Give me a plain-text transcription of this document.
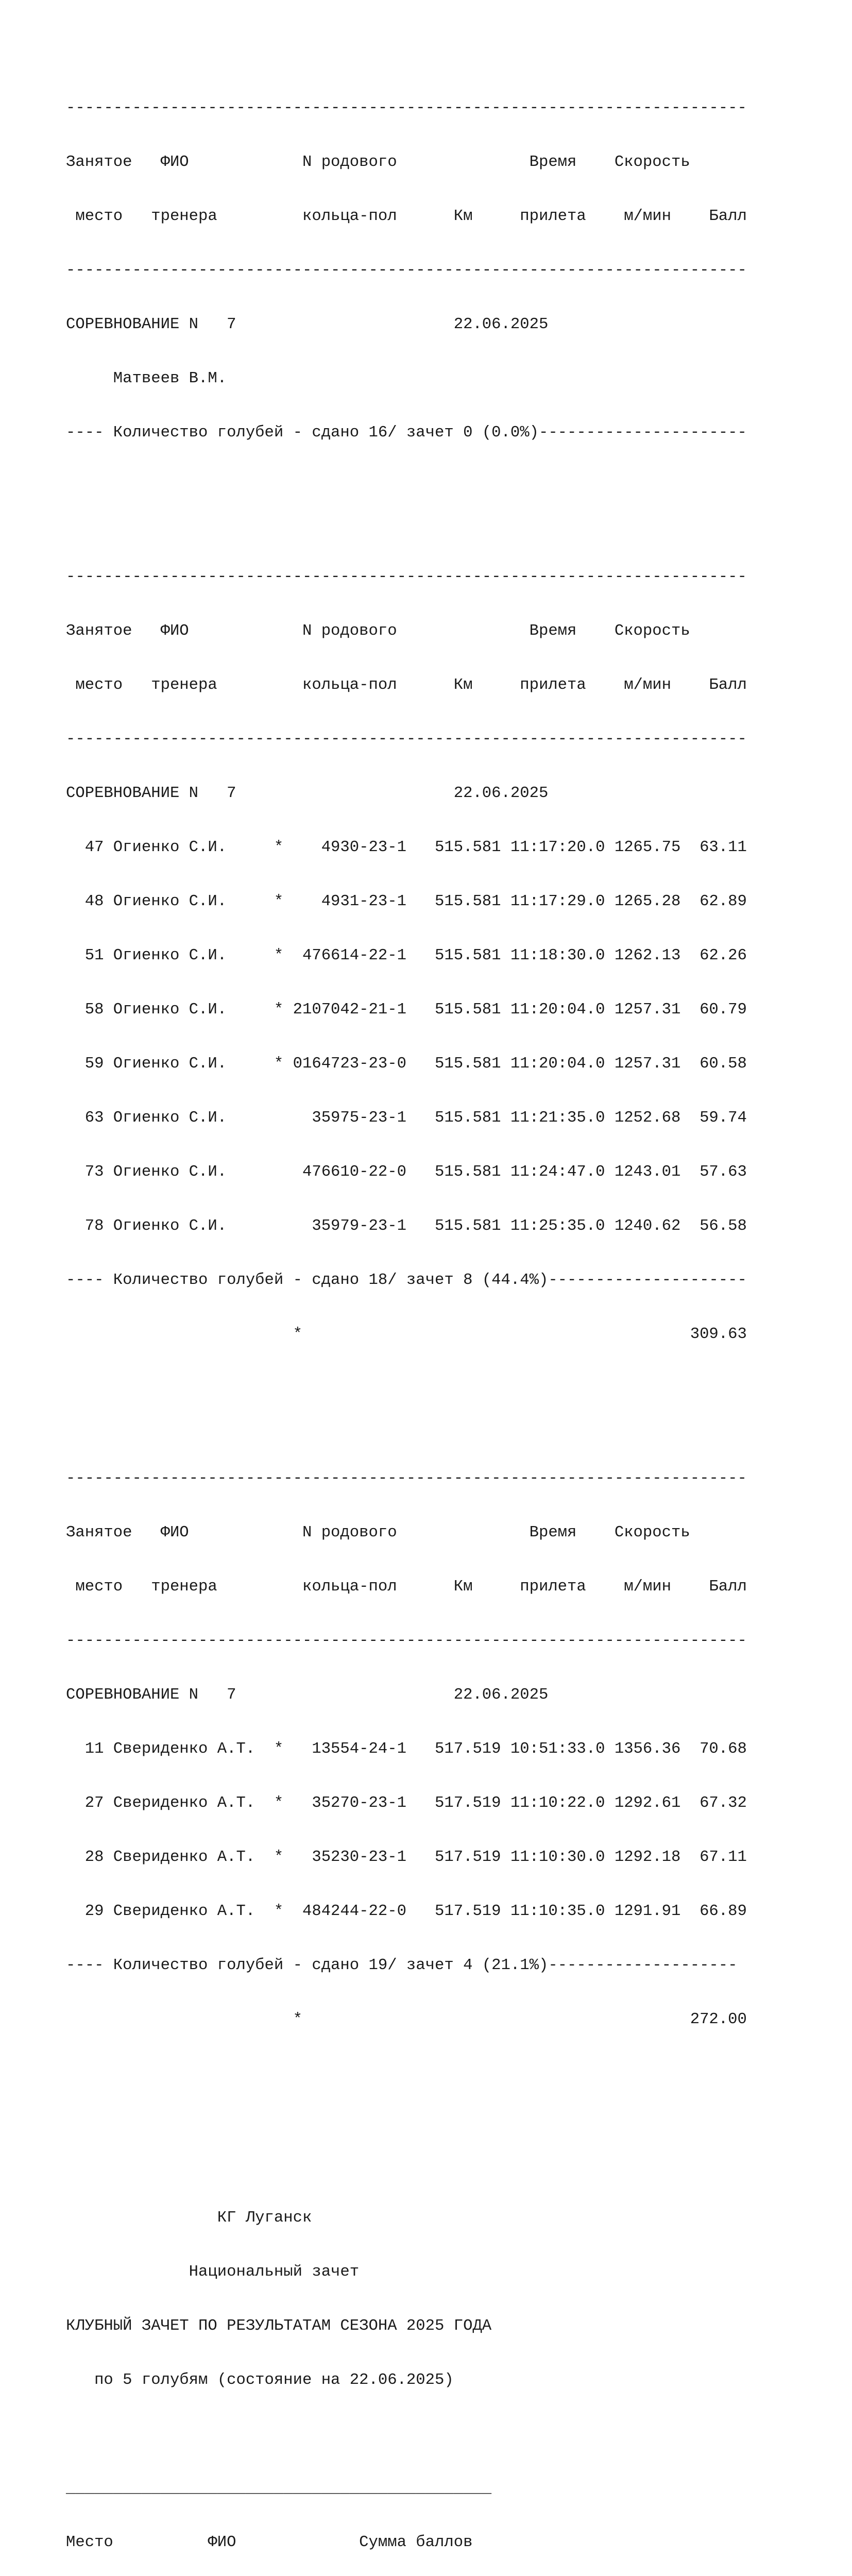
------------------------------------------------------------------------

Занятое   ФИО            N родового              Время    Скорость

место   тренера         кольца-пол      Км     прилета    м/мин    Балл

------------------------------------------------------------------------

СОРЕВНОВАНИЕ N   7                       22.06.2025

Матвеев В.М.

---- Количество голубей - сдано 16/ зачет 0 (0.0%)----------------------

------------------------------------------------------------------------

Занятое   ФИО            N родового              Время    Скорость

место   тренера         кольца-пол      Км     прилета    м/мин    Балл

------------------------------------------------------------------------

СОРЕВНОВАНИЕ N   7                       22.06.2025

47 Огиенко С.И.     *    4930-23-1   515.581 11:17:20.0 1265.75  63.11

48 Огиенко С.И.     *    4931-23-1   515.581 11:17:29.0 1265.28  62.89

51 Огиенко С.И.     *  476614-22-1   515.581 11:18:30.0 1262.13  62.26

58 Огиенко С.И.     * 2107042-21-1   515.581 11:20:04.0 1257.31  60.79

59 Огиенко С.И.     * 0164723-23-0   515.581 11:20:04.0 1257.31  60.58

63 Огиенко С.И.         35975-23-1   515.581 11:21:35.0 1252.68  59.74

73 Огиенко С.И.        476610-22-0   515.581 11:24:47.0 1243.01  57.63

78 Огиенко С.И.         35979-23-1   515.581 11:25:35.0 1240.62  56.58

---- Количество голубей - сдано 18/ зачет 8 (44.4%)---------------------

*                                         309.63

------------------------------------------------------------------------

Занятое   ФИО            N родового              Время    Скорость

место   тренера         кольца-пол      Км     прилета    м/мин    Балл

------------------------------------------------------------------------

СОРЕВНОВАНИЕ N   7                       22.06.2025

11 Свериденко А.Т.  *   13554-24-1   517.519 10:51:33.0 1356.36  70.68

27 Свериденко А.Т.  *   35270-23-1   517.519 11:10:22.0 1292.61  67.32

28 Свериденко А.Т.  *   35230-23-1   517.519 11:10:30.0 1292.18  67.11

29 Свериденко А.Т.  *  484244-22-0   517.519 11:10:35.0 1291.91  66.89

---- Количество голубей - сдано 19/ зачет 4 (21.1%)--------------------

*                                         272.00

КГ Луганск

Национальный зачет

КЛУБНЫЙ ЗАЧЕТ ПО РЕЗУЛЬТАТАМ СЕЗОНА 2025 ГОДА

по 5 голубям (состояние на 22.06.2025)

_____________________________________________

Место          ФИО             Сумма баллов
